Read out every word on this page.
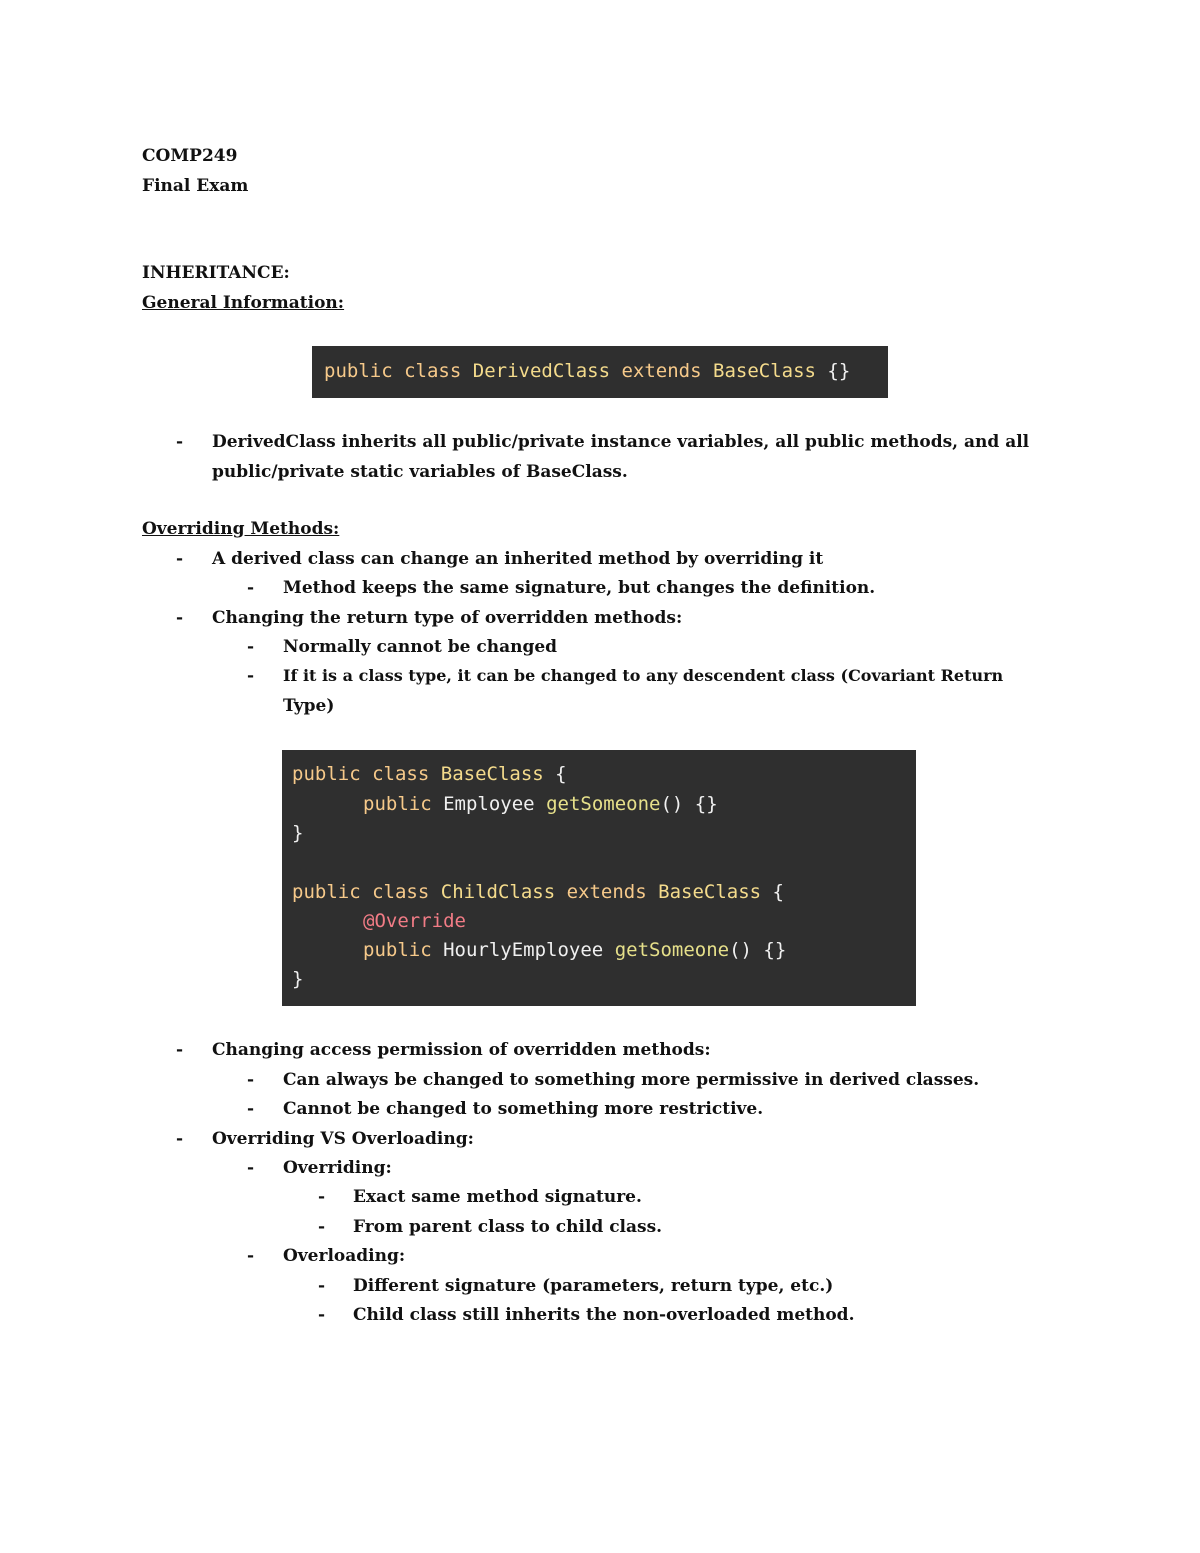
COMP249
Final Exam
INHERITANCE:
General Information:

public class DerivedClass extends BaseClass {}

- DerivedClass inherits all public/private instance variables, all public methods, and all
public/private static variables of BaseClass.
Overriding Methods:
- A derived class can change an inherited method by overriding it
- Method keeps the same signature, but changes the definition.
- Changing the return type of overridden methods:
- Normally cannot be changed
- If it is a class type, it can be changed to any descendent class (Covariant Return
Type)

public class BaseClass {

public Employee getSomeone() {}

}

public class ChildClass extends BaseClass {

@Override

public HourlyEmployee getSomeone() {}

}

- Changing access permission of overridden methods:
- Can always be changed to something more permissive in derived classes.
- Cannot be changed to something more restrictive.
- Overriding VS Overloading:
- Overriding:
- Exact same method signature.
- From parent class to child class.
- Overloading:
- Different signature (parameters, return type, etc.)
- Child class still inherits the non-overloaded method.
